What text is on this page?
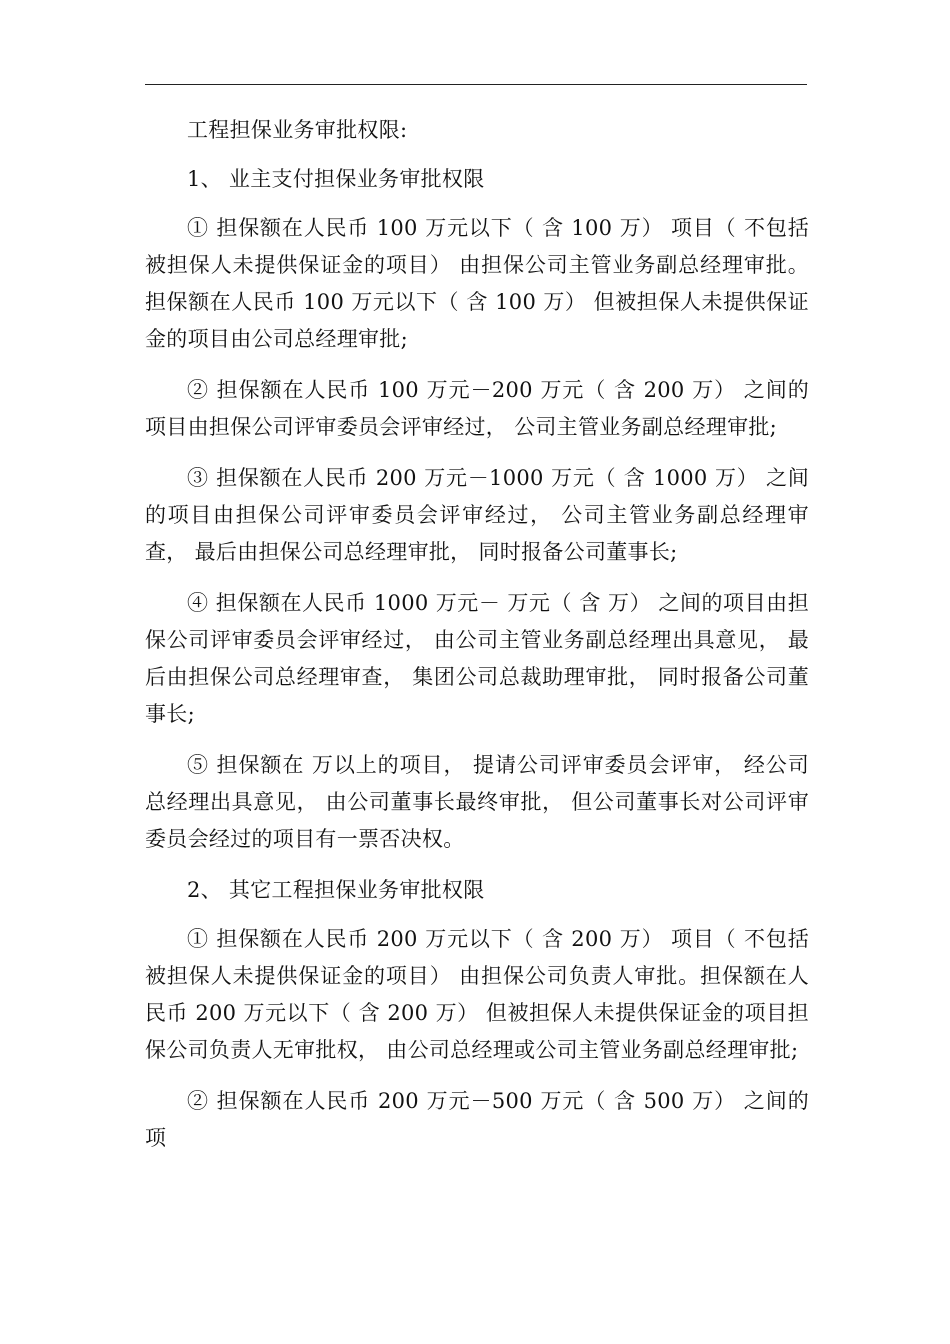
工程担保业务审批权限:

1、 业主支付担保业务审批权限

① 担保额在人民币 100 万元以下（ 含 100 万） 项目（ 不包括被担保人未提供保证金的项目） 由担保公司主管业务副总经理审批。担保额在人民币 100 万元以下（ 含 100 万） 但被担保人未提供保证金的项目由公司总经理审批;

② 担保额在人民币 100 万元－200 万元（ 含 200 万） 之间的项目由担保公司评审委员会评审经过， 公司主管业务副总经理审批;

③ 担保额在人民币 200 万元－1000 万元（ 含 1000 万） 之间的项目由担保公司评审委员会评审经过， 公司主管业务副总经理审查， 最后由担保公司总经理审批， 同时报备公司董事长;

④ 担保额在人民币 1000 万元－ 万元（ 含 万） 之间的项目由担保公司评审委员会评审经过， 由公司主管业务副总经理出具意见， 最后由担保公司总经理审查， 集团公司总裁助理审批， 同时报备公司董事长;

⑤ 担保额在 万以上的项目， 提请公司评审委员会评审， 经公司总经理出具意见， 由公司董事长最终审批， 但公司董事长对公司评审委员会经过的项目有一票否决权。

2、 其它工程担保业务审批权限

① 担保额在人民币 200 万元以下（ 含 200 万） 项目（ 不包括被担保人未提供保证金的项目） 由担保公司负责人审批。担保额在人民币 200 万元以下（ 含 200 万） 但被担保人未提供保证金的项目担保公司负责人无审批权， 由公司总经理或公司主管业务副总经理审批;

② 担保额在人民币 200 万元－500 万元（ 含 500 万） 之间的项
